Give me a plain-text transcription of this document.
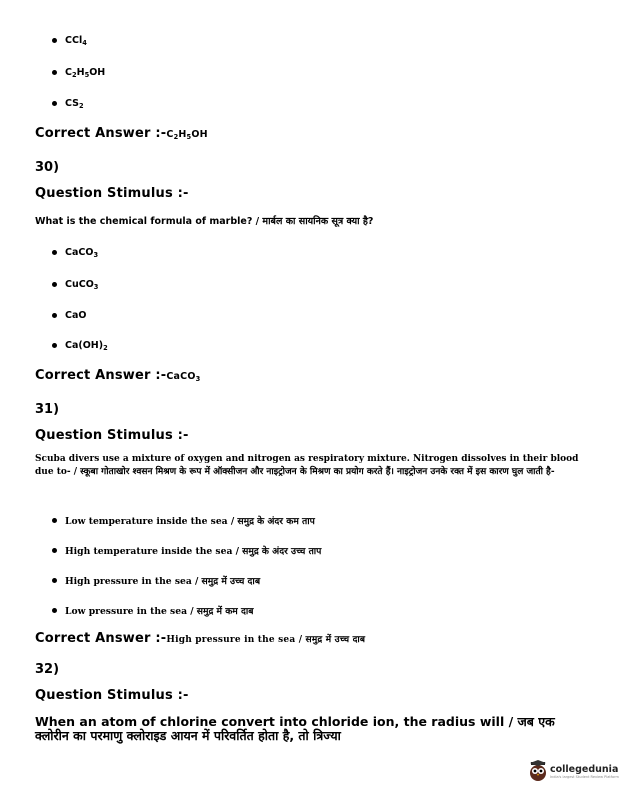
CCl$_4$
$C_2H_5OH$
$CS_2$
Correct Answer $:-C_2H_5OH$
30)
Question Stimulus :-
What is the chemical formula of marble? / मार्बल का सायनिक सूत्र क्या है?
CaCO$_3$
CuCO$_3$
CaO
$Ca(OH)_2$
Correct Answer :-CaCO$_3$
31)
Question Stimulus :-
Scuba divers use a mixture of oxygen and nitrogen as respiratory mixture. Nitrogen dissolves in their blood due to- / स्कूबा गोताखोर श्वसन मिश्रण के रूप में ऑक्सीजन और नाइट्रोजन के मिश्रण का प्रयोग करते हैं। नाइट्रोजन उनके रक्त में इस कारण घुल जाती है-
Low temperature inside the sea / समुद्र के अंदर कम ताप
High temperature inside the sea / समुद्र के अंदर उच्च ताप
High pressure in the sea / समुद्र में उच्च दाब
Low pressure in the sea / समुद्र में कम दाब
Correct Answer :-High pressure in the sea / समुद्र में उच्च दाब
32)
Question Stimulus :-
When an atom of chlorine convert into chloride ion, the radius will / जब एक क्लोरीन का परमाणु क्लोराइड आयन में परिवर्तित होता है, तो त्रिज्या
collegedunia
India's largest Student Review Platform
